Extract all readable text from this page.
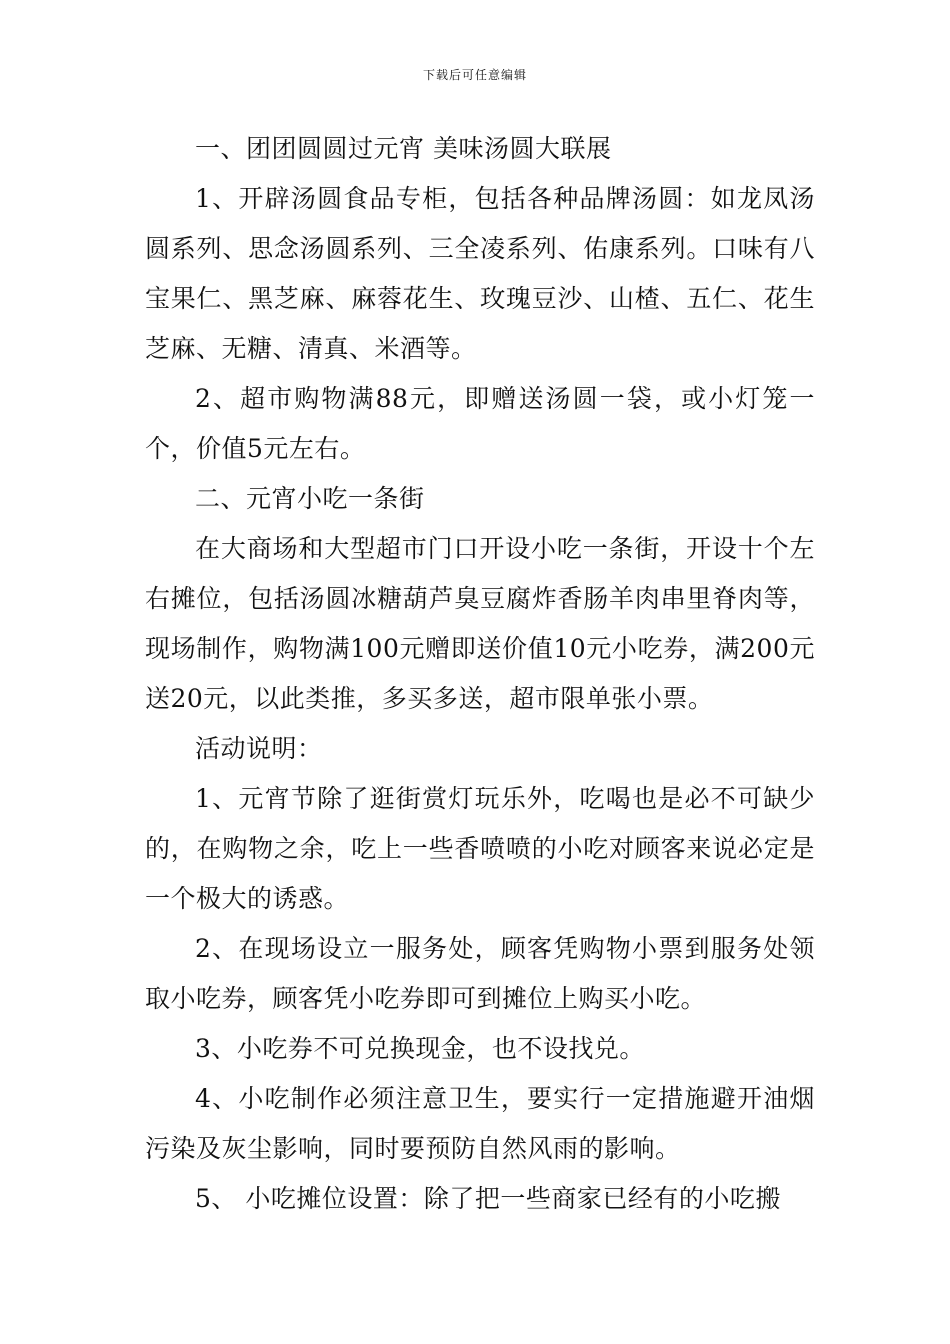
下载后可任意编辑

一、团团圆圆过元宵 美味汤圆大联展

1、开辟汤圆食品专柜，包括各种品牌汤圆：如龙凤汤圆系列、思念汤圆系列、三全凌系列、佑康系列。口味有八宝果仁、黑芝麻、麻蓉花生、玫瑰豆沙、山楂、五仁、花生芝麻、无糖、清真、米酒等。

2、超市购物满88元，即赠送汤圆一袋，或小灯笼一个，价值5元左右。

二、元宵小吃一条街

在大商场和大型超市门口开设小吃一条街，开设十个左右摊位，包括汤圆冰糖葫芦臭豆腐炸香肠羊肉串里脊肉等，现场制作，购物满100元赠即送价值10元小吃券，满200元送20元，以此类推，多买多送，超市限单张小票。

活动说明：

1、元宵节除了逛街赏灯玩乐外，吃喝也是必不可缺少的，在购物之余，吃上一些香喷喷的小吃对顾客来说必定是一个极大的诱惑。

2、在现场设立一服务处，顾客凭购物小票到服务处领取小吃券，顾客凭小吃券即可到摊位上购买小吃。

3、小吃券不可兑换现金，也不设找兑。

4、小吃制作必须注意卫生，要实行一定措施避开油烟污染及灰尘影响，同时要预防自然风雨的影响。

5、 小吃摊位设置：除了把一些商家已经有的小吃搬
